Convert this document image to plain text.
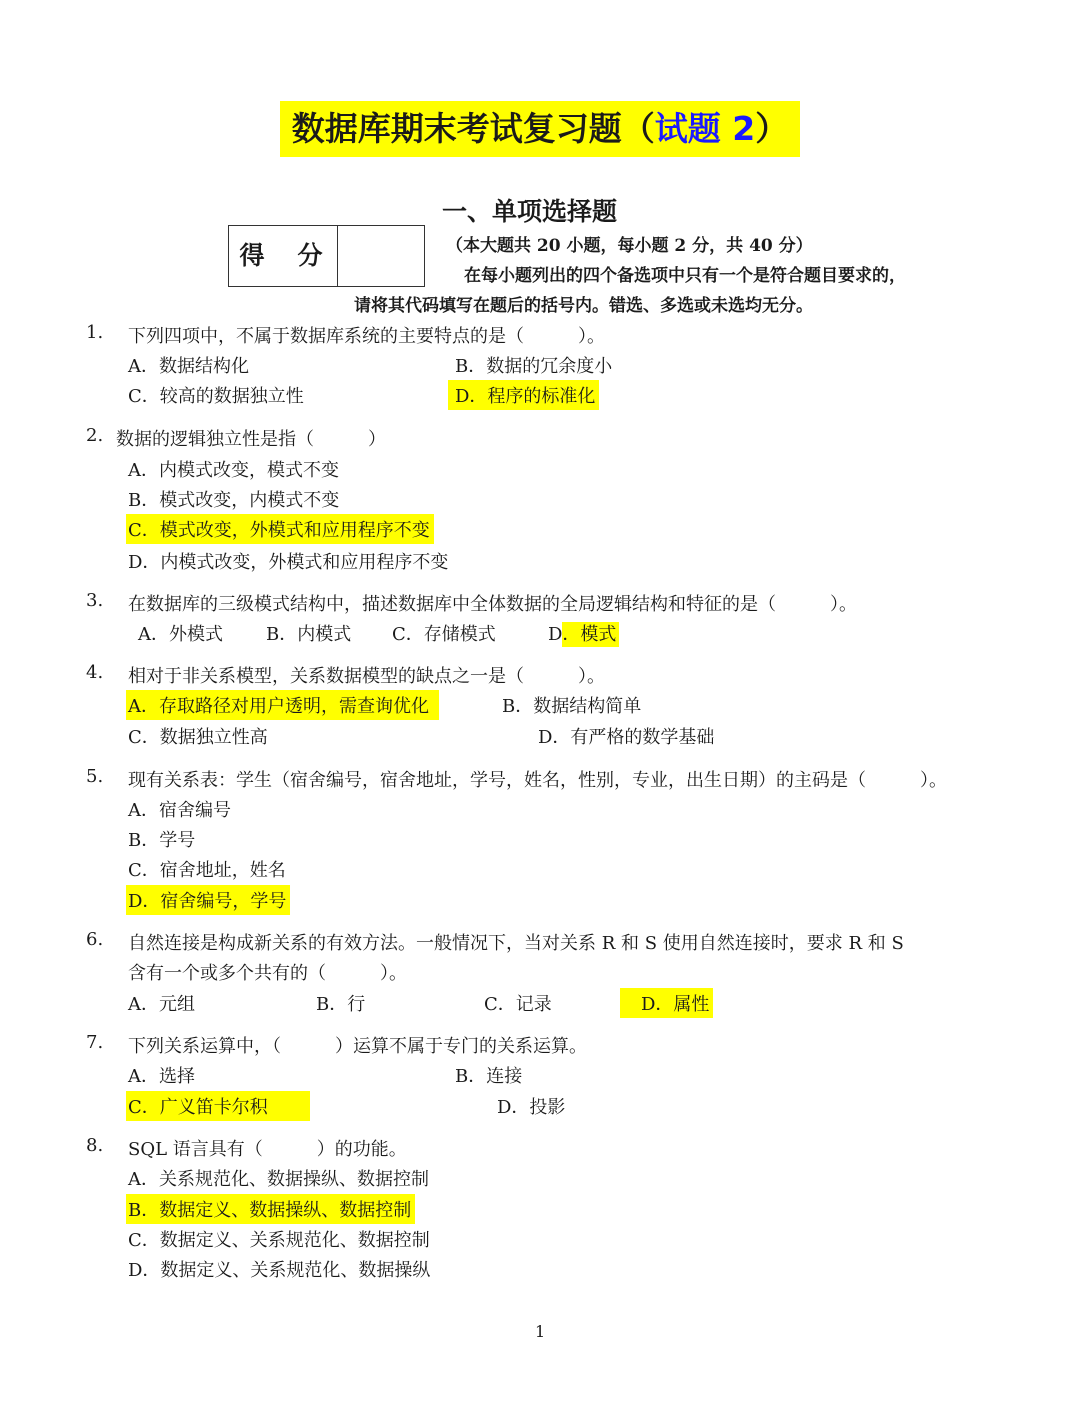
数据库期末考试复习题（试题 2）
一、单项选择题
得　分	（本大题共 20 小题，每小题 2 分，共 40 分）
在每小题列出的四个备选项中只有一个是符合题目要求的，
请将其代码填写在题后的括号内。错选、多选或未选均无分。
1. 下列四项中，不属于数据库系统的主要特点的是（　　　）。
A．数据结构化	B．数据的冗余度小
C．较高的数据独立性	D．程序的标准化
2. 数据的逻辑独立性是指（　　　）
A．内模式改变，模式不变
B．模式改变，内模式不变
C．模式改变，外模式和应用程序不变
D．内模式改变，外模式和应用程序不变
3. 在数据库的三级模式结构中，描述数据库中全体数据的全局逻辑结构和特征的是（　　　）。
A．外模式 B．内模式 C．存储模式	D．模式
4. 相对于非关系模型，关系数据模型的缺点之一是（　　　）。
A．存取路径对用户透明，需查询优化	B．数据结构简单
C．数据独立性高	D．有严格的数学基础
5. 现有关系表：学生（宿舍编号，宿舍地址，学号，姓名，性别，专业，出生日期）的主码是（　　　）。
A．宿舍编号
B．学号
C．宿舍地址，姓名
D．宿舍编号，学号
6. 自然连接是构成新关系的有效方法。一般情况下，当对关系 R 和 S 使用自然连接时，要求 R 和 S
含有一个或多个共有的（　　　）。
A．元组	B．行	C．记录	D．属性
7. 下列关系运算中，（　　　）运算不属于专门的关系运算。
A．选择	B．连接
C．广义笛卡尔积	D．投影
8. SQL 语言具有（　　　）的功能。
A．关系规范化、数据操纵、数据控制
B．数据定义、数据操纵、数据控制
C．数据定义、关系规范化、数据控制
D．数据定义、关系规范化、数据操纵
1
